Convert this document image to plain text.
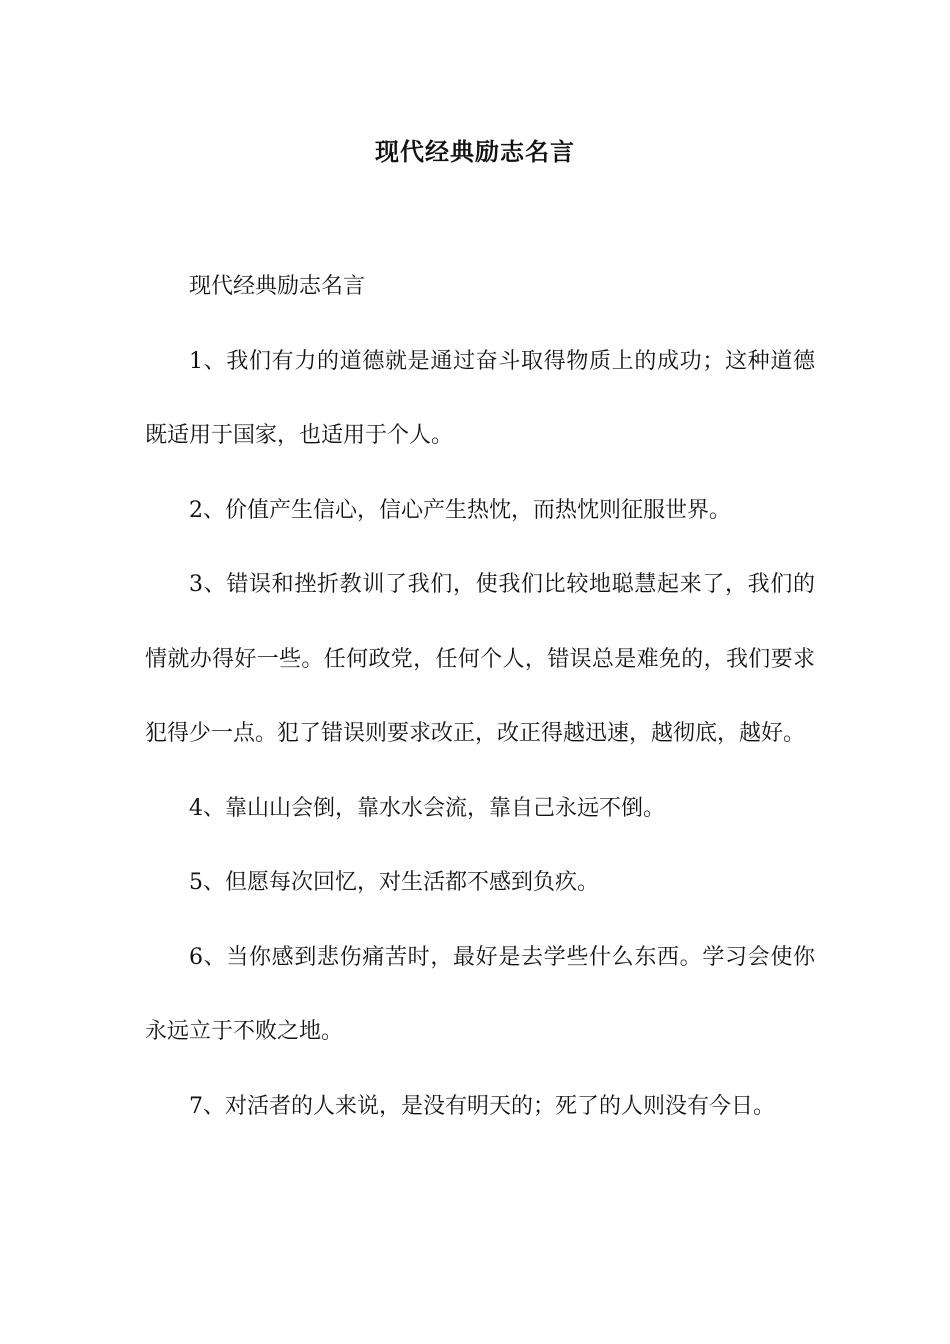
现代经典励志名言

现代经典励志名言

1、我们有力的道德就是通过奋斗取得物质上的成功；这种道德既适用于国家，也适用于个人。

2、价值产生信心，信心产生热忱，而热忱则征服世界。

3、错误和挫折教训了我们，使我们比较地聪慧起来了，我们的情就办得好一些。任何政党，任何个人，错误总是难免的，我们要求犯得少一点。犯了错误则要求改正，改正得越迅速，越彻底，越好。

4、靠山山会倒，靠水水会流，靠自己永远不倒。

5、但愿每次回忆，对生活都不感到负疚。

6、当你感到悲伤痛苦时，最好是去学些什么东西。学习会使你永远立于不败之地。

7、对活者的人来说，是没有明天的；死了的人则没有今日。
